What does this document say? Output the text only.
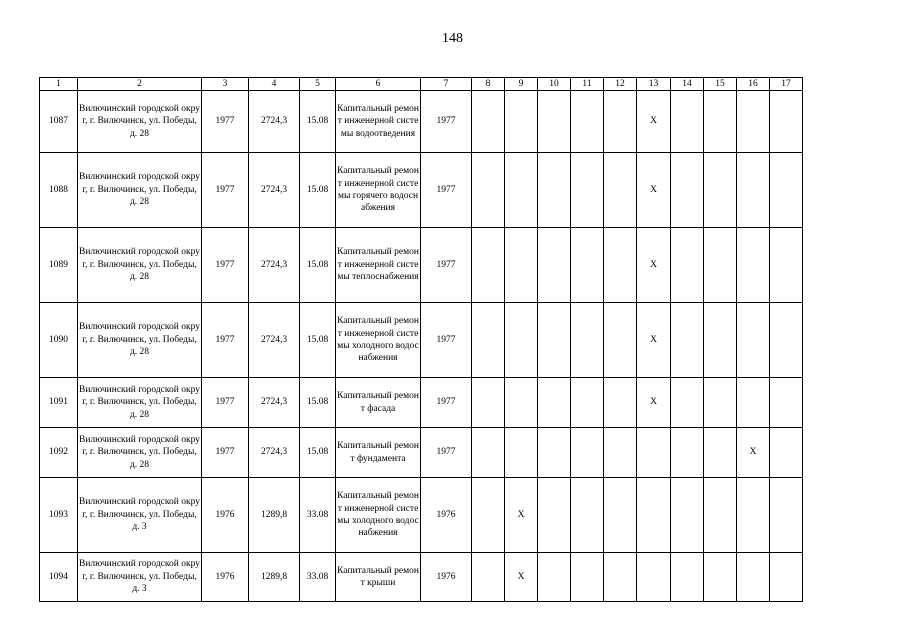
148
1	2	3	4	5	6	7	8	9	10	11	12	13	14	15	16	17
1087	Вилючинский городской округ, г. Вилючинск, ул. Победы,д. 28	1977	2724,3	15.08	Капитальный ремонт инженерной системы водоотведения	1977						Х				
1088	Вилючинский городской округ, г. Вилючинск, ул. Победы,д. 28	1977	2724,3	15.08	Капитальный ремонт инженерной системы горячего водоснабжения	1977						Х				
1089	Вилючинский городской округ, г. Вилючинск, ул. Победы,д. 28	1977	2724,3	15.08	Капитальный ремонт инженерной системы теплоснабжения	1977						Х				
1090	Вилючинский городской округ, г. Вилючинск, ул. Победы,д. 28	1977	2724,3	15.08	Капитальный ремонт инженерной системы холодного водоснабжения	1977						Х				
1091	Вилючинский городской округ, г. Вилючинск, ул. Победы,д. 28	1977	2724,3	15.08	Капитальный ремонт фасада	1977						Х				
1092	Вилючинский городской округ, г. Вилючинск, ул. Победы,д. 28	1977	2724,3	15.08	Капитальный ремонт фундамента	1977									Х	
1093	Вилючинский городской округ, г. Вилючинск, ул. Победы,д. 3	1976	1289,8	33.08	Капитальный ремонт инженерной системы холодного водоснабжения	1976		Х								
1094	Вилючинский городской округ, г. Вилючинск, ул. Победы,д. 3	1976	1289,8	33.08	Капитальный ремонт крыши	1976		Х								
